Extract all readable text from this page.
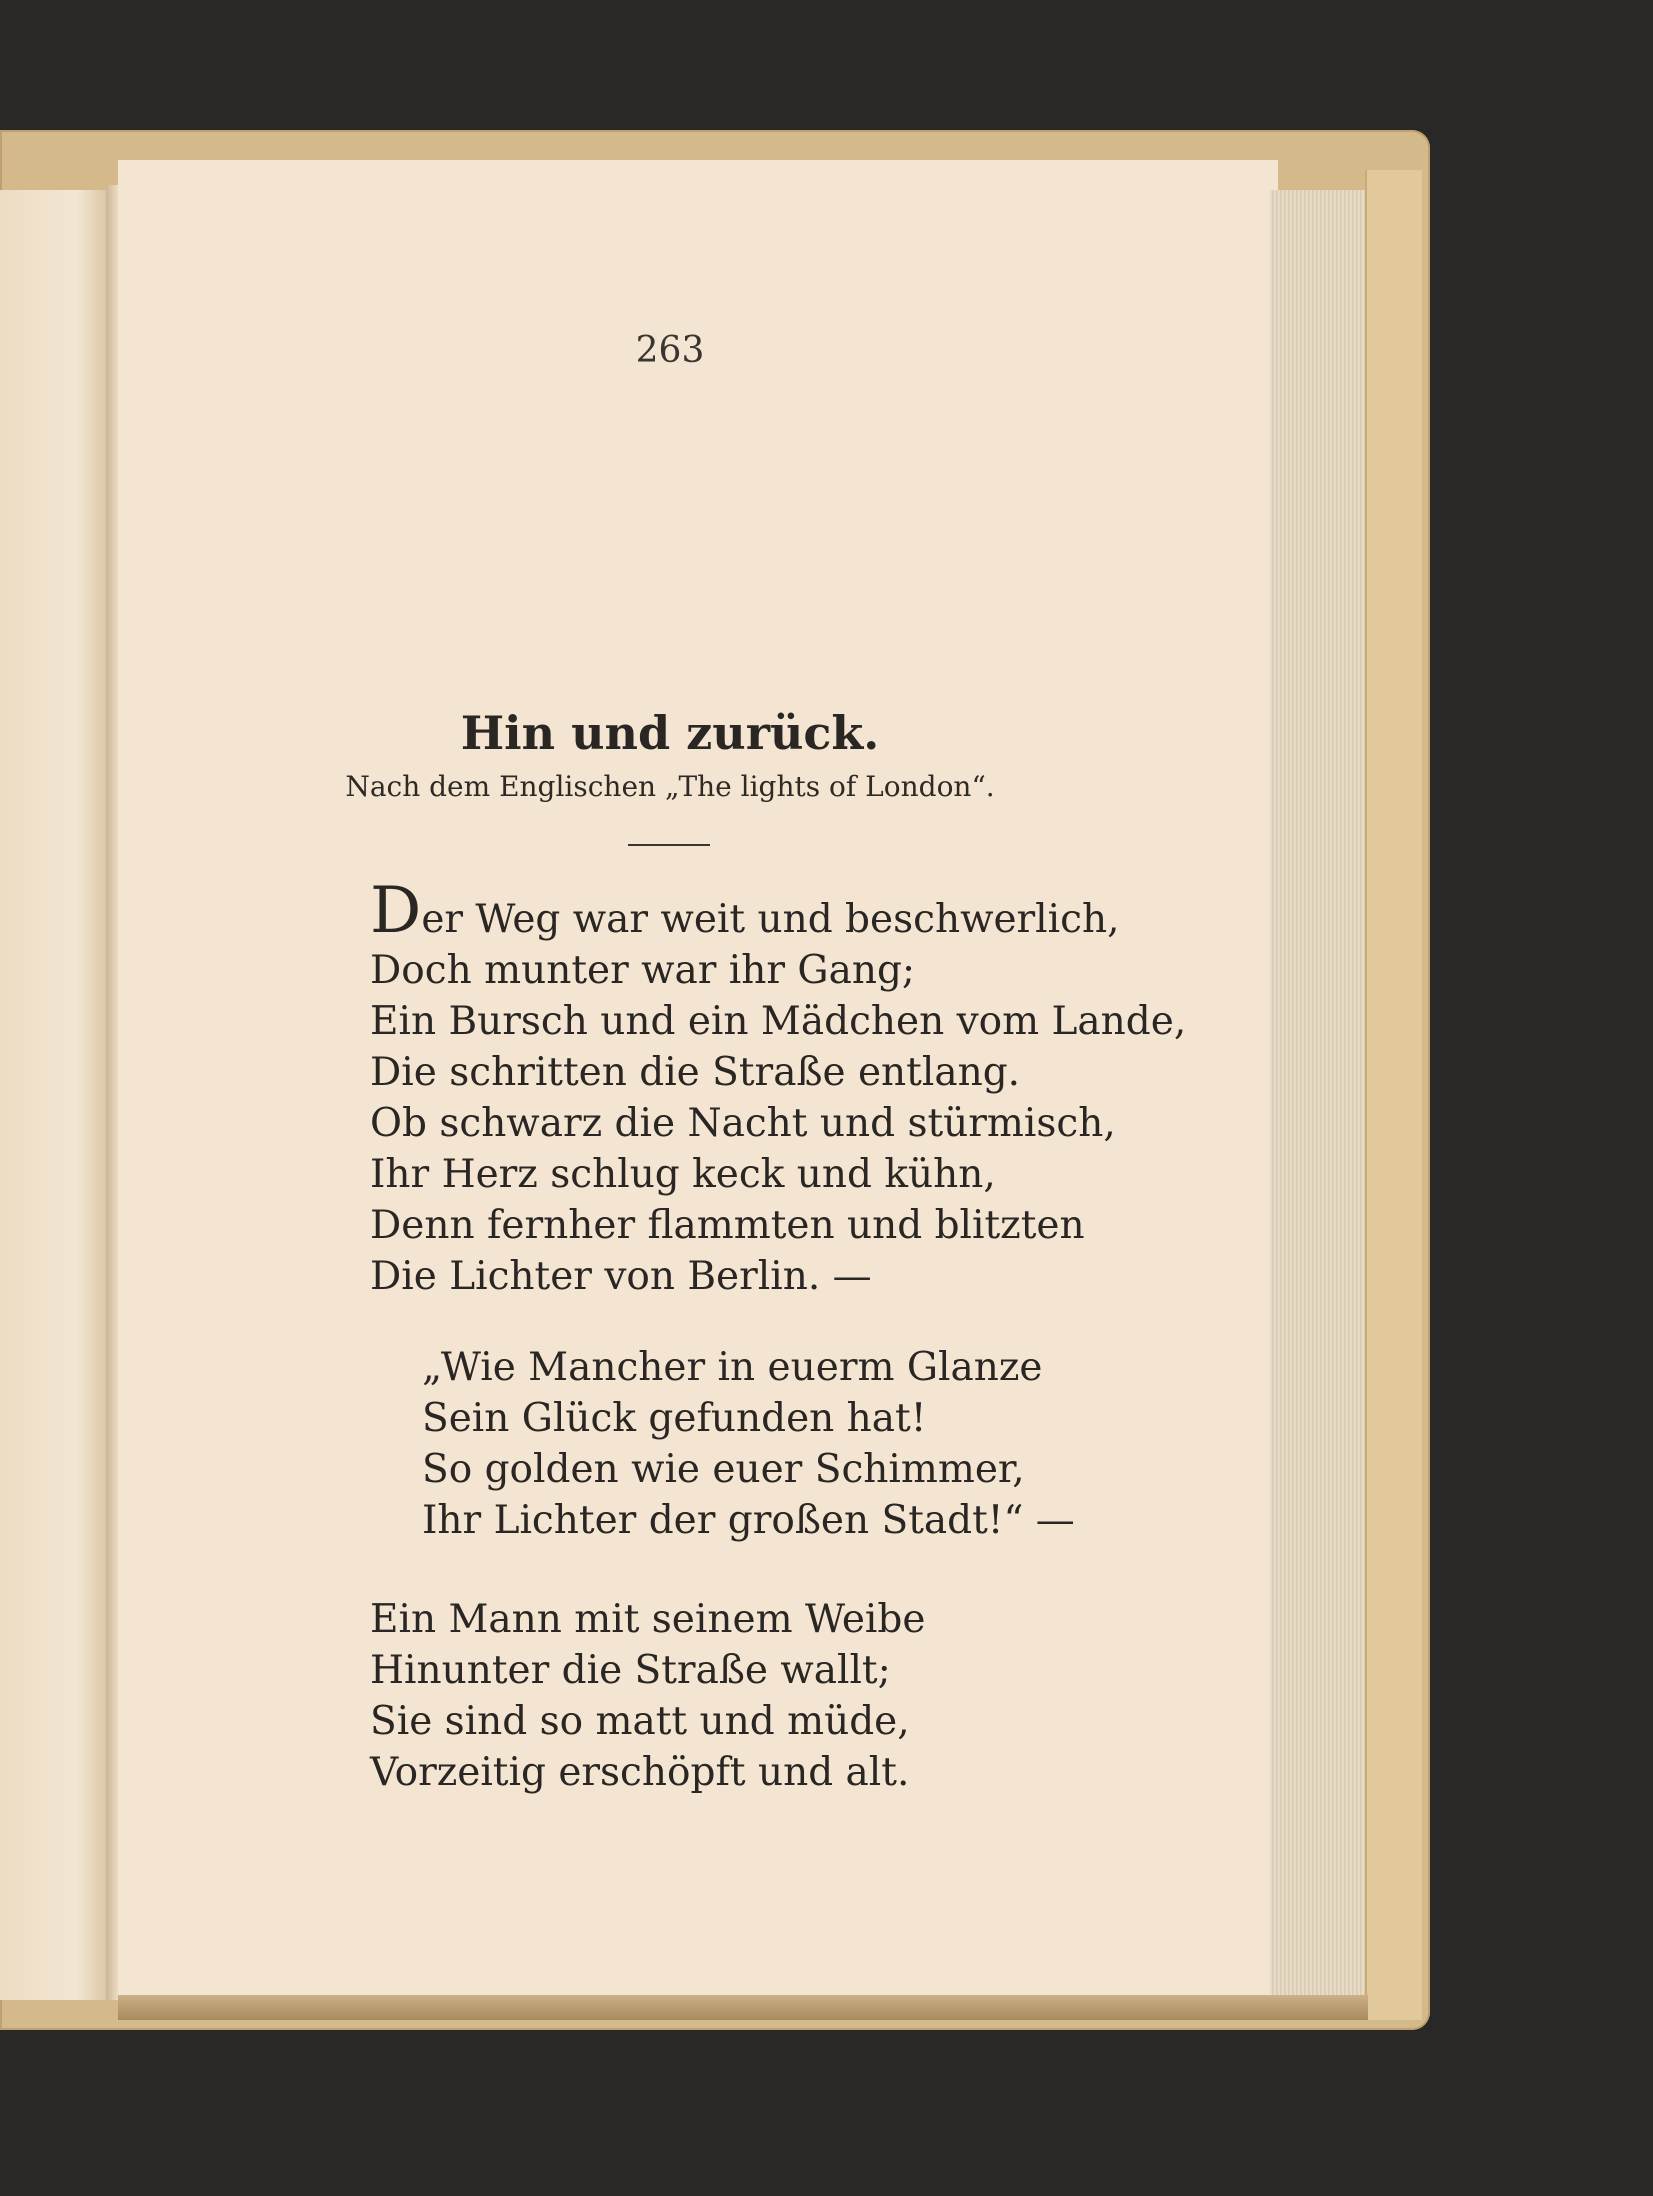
263
Hin und zurück.
Nach dem Englischen „The lights of London“.
Der Weg war weit und beschwerlich,
Doch munter war ihr Gang;
Ein Bursch und ein Mädchen vom Lande,
Die schritten die Straße entlang.
Ob schwarz die Nacht und stürmisch,
Ihr Herz schlug keck und kühn,
Denn fernher flammten und blitzten
Die Lichter von Berlin. —
„Wie Mancher in euerm Glanze
Sein Glück gefunden hat!
So golden wie euer Schimmer,
Ihr Lichter der großen Stadt!“ —
Ein Mann mit seinem Weibe
Hinunter die Straße wallt;
Sie sind so matt und müde,
Vorzeitig erschöpft und alt.
